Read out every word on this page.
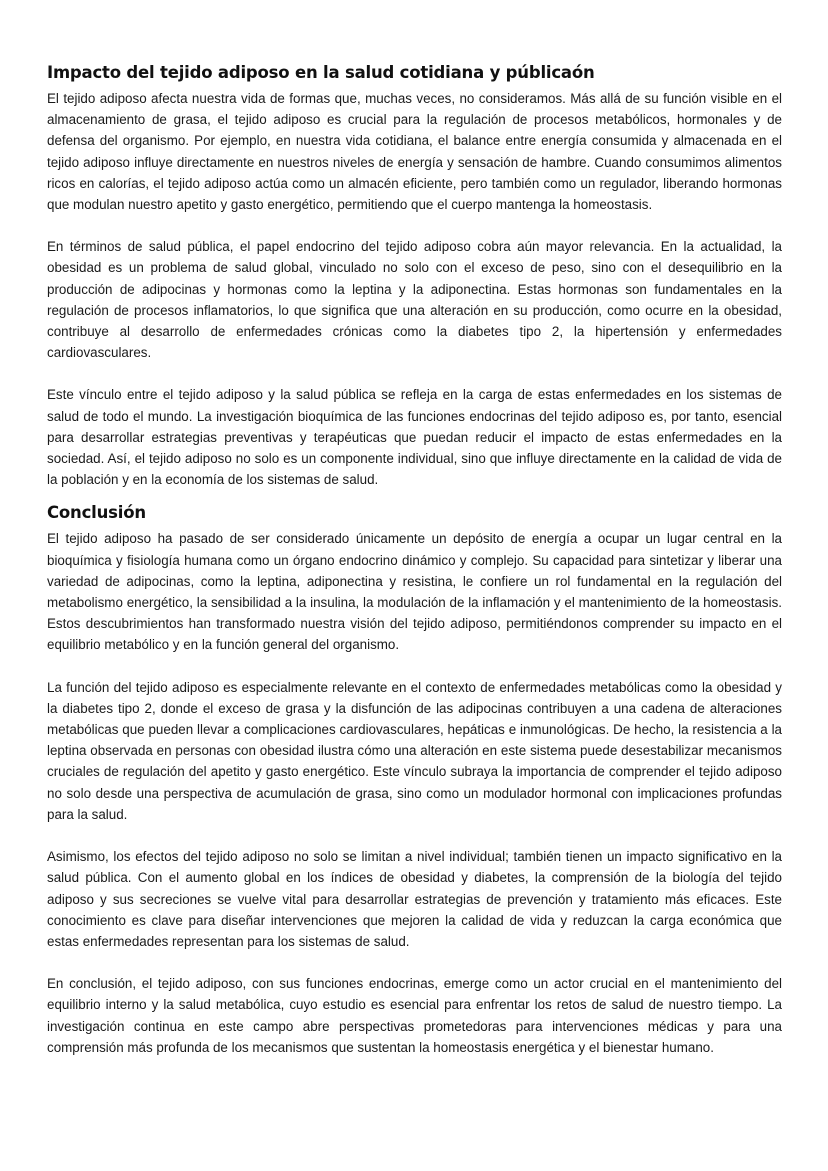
Impacto del tejido adiposo en la salud cotidiana y públicaón

El tejido adiposo afecta nuestra vida de formas que, muchas veces, no consideramos. Más allá de su función visible en el almacenamiento de grasa, el tejido adiposo es crucial para la regulación de procesos metabólicos, hormonales y de defensa del organismo. Por ejemplo, en nuestra vida cotidiana, el balance entre energía consumida y almacenada en el tejido adiposo influye directamente en nuestros niveles de energía y sensación de hambre. Cuando consumimos alimentos ricos en calorías, el tejido adiposo actúa como un almacén eficiente, pero también como un regulador, liberando hormonas que modulan nuestro apetito y gasto energético, permitiendo que el cuerpo mantenga la homeostasis.

En términos de salud pública, el papel endocrino del tejido adiposo cobra aún mayor relevancia. En la actualidad, la obesidad es un problema de salud global, vinculado no solo con el exceso de peso, sino con el desequilibrio en la producción de adipocinas y hormonas como la leptina y la adiponectina. Estas hormonas son fundamentales en la regulación de procesos inflamatorios, lo que significa que una alteración en su producción, como ocurre en la obesidad, contribuye al desarrollo de enfermedades crónicas como la diabetes tipo 2, la hipertensión y enfermedades cardiovasculares.

Este vínculo entre el tejido adiposo y la salud pública se refleja en la carga de estas enfermedades en los sistemas de salud de todo el mundo. La investigación bioquímica de las funciones endocrinas del tejido adiposo es, por tanto, esencial para desarrollar estrategias preventivas y terapéuticas que puedan reducir el impacto de estas enfermedades en la sociedad. Así, el tejido adiposo no solo es un componente individual, sino que influye directamente en la calidad de vida de la población y en la economía de los sistemas de salud.

Conclusión

El tejido adiposo ha pasado de ser considerado únicamente un depósito de energía a ocupar un lugar central en la bioquímica y fisiología humana como un órgano endocrino dinámico y complejo. Su capacidad para sintetizar y liberar una variedad de adipocinas, como la leptina, adiponectina y resistina, le confiere un rol fundamental en la regulación del metabolismo energético, la sensibilidad a la insulina, la modulación de la inflamación y el mantenimiento de la homeostasis. Estos descubrimientos han transformado nuestra visión del tejido adiposo, permitiéndonos comprender su impacto en el equilibrio metabólico y en la función general del organismo.

La función del tejido adiposo es especialmente relevante en el contexto de enfermedades metabólicas como la obesidad y la diabetes tipo 2, donde el exceso de grasa y la disfunción de las adipocinas contribuyen a una cadena de alteraciones metabólicas que pueden llevar a complicaciones cardiovasculares, hepáticas e inmunológicas. De hecho, la resistencia a la leptina observada en personas con obesidad ilustra cómo una alteración en este sistema puede desestabilizar mecanismos cruciales de regulación del apetito y gasto energético. Este vínculo subraya la importancia de comprender el tejido adiposo no solo desde una perspectiva de acumulación de grasa, sino como un modulador hormonal con implicaciones profundas para la salud.

Asimismo, los efectos del tejido adiposo no solo se limitan a nivel individual; también tienen un impacto significativo en la salud pública. Con el aumento global en los índices de obesidad y diabetes, la comprensión de la biología del tejido adiposo y sus secreciones se vuelve vital para desarrollar estrategias de prevención y tratamiento más eficaces. Este conocimiento es clave para diseñar intervenciones que mejoren la calidad de vida y reduzcan la carga económica que estas enfermedades representan para los sistemas de salud.

En conclusión, el tejido adiposo, con sus funciones endocrinas, emerge como un actor crucial en el mantenimiento del equilibrio interno y la salud metabólica, cuyo estudio es esencial para enfrentar los retos de salud de nuestro tiempo. La investigación continua en este campo abre perspectivas prometedoras para intervenciones médicas y para una comprensión más profunda de los mecanismos que sustentan la homeostasis energética y el bienestar humano.
